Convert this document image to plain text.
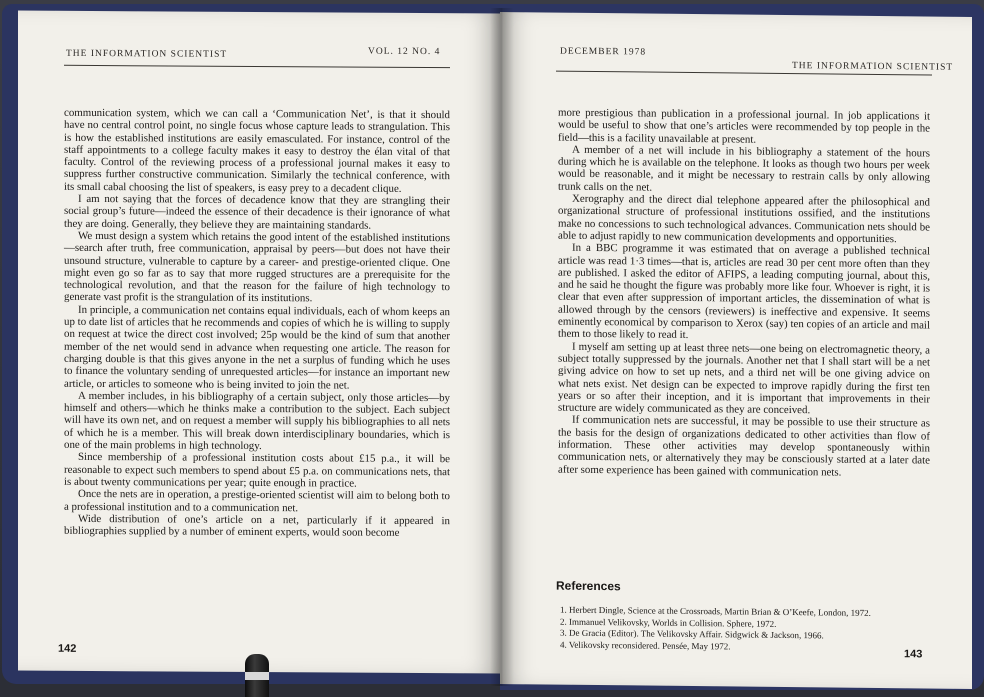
THE INFORMATION SCIENTIST	VOL. 12 NO. 4

communication system, which we can call a ‘Communication Net’, is that it should have no central control point, no single focus whose capture leads to strangulation. This is how the established institutions are easily emasculated. For instance, control of the staff appointments to a college faculty makes it easy to destroy the élan vital of that faculty. Control of the reviewing process of a professional journal makes it easy to suppress further constructive communication. Similarly the technical conference, with its small cabal choosing the list of speakers, is easy prey to a decadent clique.

I am not saying that the forces of decadence know that they are strangling their social group’s future—indeed the essence of their decadence is their ignorance of what they are doing. Generally, they believe they are maintaining standards.

We must design a system which retains the good intent of the established institutions—search after truth, free communication, appraisal by peers—but does not have their unsound structure, vulnerable to capture by a career- and prestige-oriented clique. One might even go so far as to say that more rugged structures are a prerequisite for the technological revolution, and that the reason for the failure of high technology to generate vast profit is the strangulation of its institutions.

In principle, a communication net contains equal individuals, each of whom keeps an up to date list of articles that he recommends and copies of which he is willing to supply on request at twice the direct cost involved; 25p would be the kind of sum that another member of the net would send in advance when requesting one article. The reason for charging double is that this gives anyone in the net a surplus of funding which he uses to finance the voluntary sending of unrequested articles—for instance an important new article, or articles to someone who is being invited to join the net.

A member includes, in his bibliography of a certain subject, only those articles—by himself and others—which he thinks make a contribution to the subject. Each subject will have its own net, and on request a member will supply his bibliographies to all nets of which he is a member. This will break down interdisciplinary boundaries, which is one of the main problems in high technology.

Since membership of a professional institution costs about £15 p.a., it will be reasonable to expect such members to spend about £5 p.a. on communications nets, that is about twenty communications per year; quite enough in practice.

Once the nets are in operation, a prestige-oriented scientist will aim to belong both to a professional institution and to a communication net.

Wide distribution of one’s article on a net, particularly if it appeared in bibliographies supplied by a number of eminent experts, would soon become

142
DECEMBER 1978
THE INFORMATION SCIENTIST

more prestigious than publication in a professional journal. In job applications it would be useful to show that one’s articles were recommended by top people in the field—this is a facility unavailable at present.

A member of a net will include in his bibliography a statement of the hours during which he is available on the telephone. It looks as though two hours per week would be reasonable, and it might be necessary to restrain calls by only allowing trunk calls on the net.

Xerography and the direct dial telephone appeared after the philosophical and organizational structure of professional institutions ossified, and the institutions make no concessions to such technological advances. Communication nets should be able to adjust rapidly to new communication developments and opportunities.

In a BBC programme it was estimated that on average a published technical article was read 1·3 times—that is, articles are read 30 per cent more often than they are published. I asked the editor of AFIPS, a leading computing journal, about this, and he said he thought the figure was probably more like four. Whoever is right, it is clear that even after suppression of important articles, the dissemination of what is allowed through by the censors (reviewers) is ineffective and expensive. It seems eminently economical by comparison to Xerox (say) ten copies of an article and mail them to those likely to read it.

I myself am setting up at least three nets—one being on electromagnetic theory, a subject totally suppressed by the journals. Another net that I shall start will be a net giving advice on how to set up nets, and a third net will be one giving advice on what nets exist. Net design can be expected to improve rapidly during the first ten years or so after their inception, and it is important that improvements in their structure are widely communicated as they are conceived.

If communication nets are successful, it may be possible to use their structure as the basis for the design of organizations dedicated to other activities than flow of information. These other activities may develop spontaneously within communication nets, or alternatively they may be consciously started at a later date after some experience has been gained with communication nets.

References
1. Herbert Dingle, Science at the Crossroads, Martin Brian & O’Keefe, London, 1972.
2. Immanuel Velikovsky, Worlds in Collision. Sphere, 1972.
3. De Gracia (Editor). The Velikovsky Affair. Sidgwick & Jackson, 1966.
4. Velikovsky reconsidered. Pensée, May 1972.
143
